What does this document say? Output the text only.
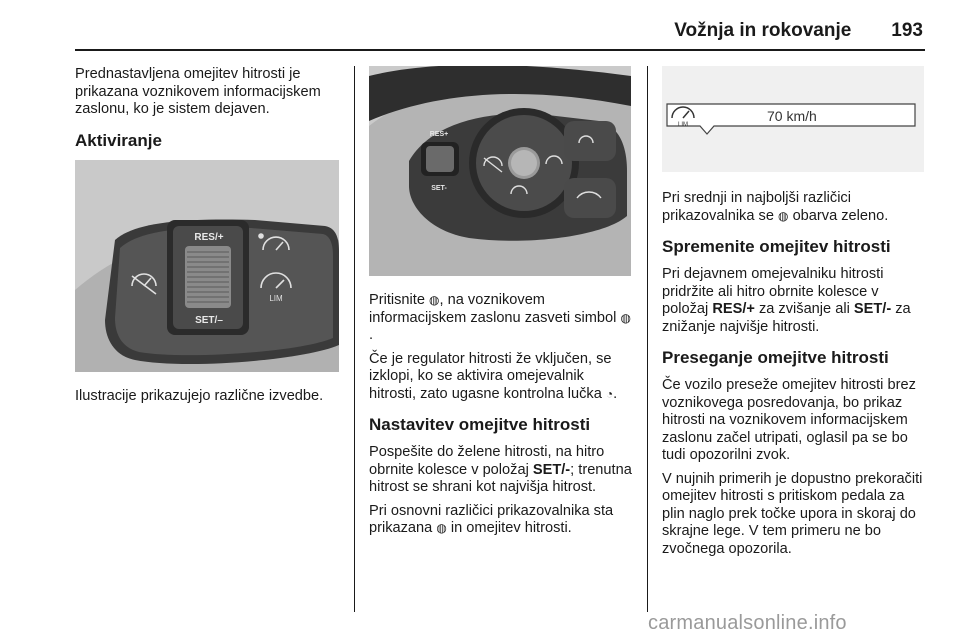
Vožnja in rokovanje 193

Prednastavljena omejitev hitrosti je prikazana voznikovem informacijskem zaslonu, ko je sistem dejaven.

Aktiviranje
RES/+
SET/–
LIM

Ilustracije prikazujejo različne izvedbe.

RES+
SET-

Pritisnite ◍, na voznikovem informacijskem zaslonu zasveti simbol ◍.

Če je regulator hitrosti že vključen, se izklopi, ko se aktivira omejevalnik hitrosti, zato ugasne kontrolna lučka ◔.

Nastavitev omejitve hitrosti

Pospešite do želene hitrosti, na hitro obrnite kolesce v položaj SET/-; trenutna hitrost se shrani kot najvišja hitrost.

Pri osnovni različici prikazovalnika sta prikazana ◍ in omejitev hitrosti.

LIM
70 km/h

Pri srednji in najboljši različici prikazovalnika se ◍ obarva zeleno.

Spremenite omejitev hitrosti

Pri dejavnem omejevalniku hitrosti pridržite ali hitro obrnite kolesce v položaj RES/+ za zvišanje ali SET/- za znižanje najvišje hitrosti.

Preseganje omejitve hitrosti

Če vozilo preseže omejitev hitrosti brez voznikovega posredovanja, bo prikaz hitrosti na voznikovem informacijskem zaslonu začel utripati, oglasil pa se bo tudi opozorilni zvok.

V nujnih primerih je dopustno prekoračiti omejitev hitrosti s pritiskom pedala za plin naglo prek točke upora in skoraj do skrajne lege. V tem primeru ne bo zvočnega opozorila.

carmanualsonline.info
